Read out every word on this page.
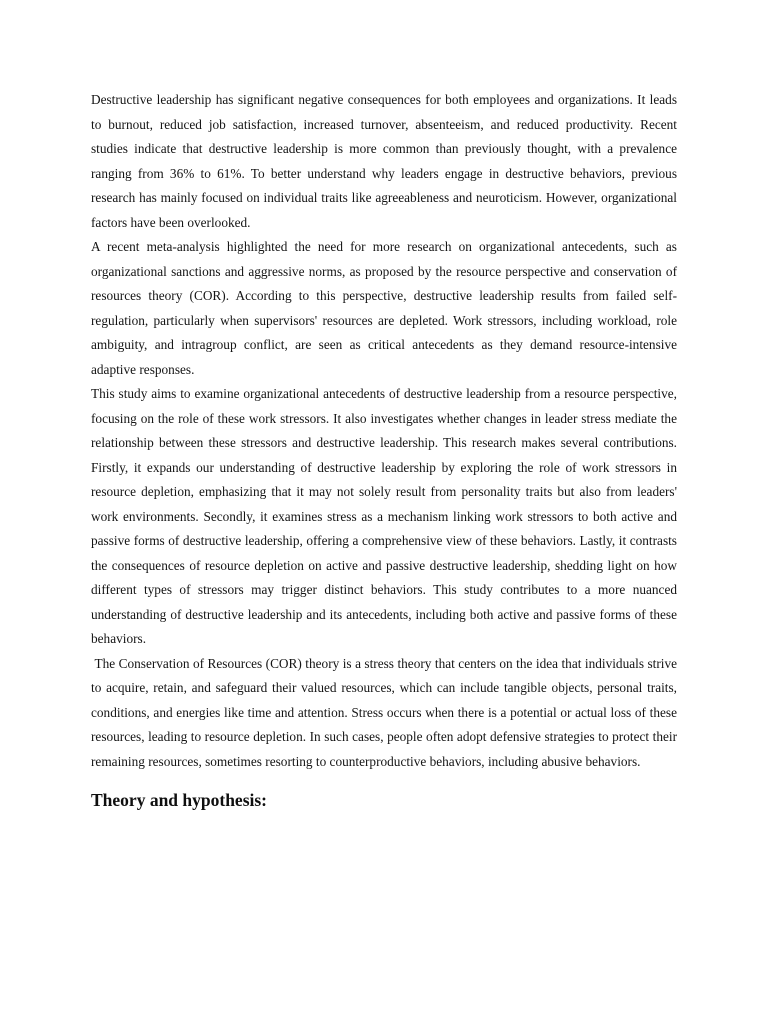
Destructive leadership has significant negative consequences for both employees and organizations. It leads to burnout, reduced job satisfaction, increased turnover, absenteeism, and reduced productivity. Recent studies indicate that destructive leadership is more common than previously thought, with a prevalence ranging from 36% to 61%. To better understand why leaders engage in destructive behaviors, previous research has mainly focused on individual traits like agreeableness and neuroticism. However, organizational factors have been overlooked.

A recent meta-analysis highlighted the need for more research on organizational antecedents, such as organizational sanctions and aggressive norms, as proposed by the resource perspective and conservation of resources theory (COR). According to this perspective, destructive leadership results from failed self-regulation, particularly when supervisors' resources are depleted. Work stressors, including workload, role ambiguity, and intragroup conflict, are seen as critical antecedents as they demand resource-intensive adaptive responses.

This study aims to examine organizational antecedents of destructive leadership from a resource perspective, focusing on the role of these work stressors. It also investigates whether changes in leader stress mediate the relationship between these stressors and destructive leadership. This research makes several contributions. Firstly, it expands our understanding of destructive leadership by exploring the role of work stressors in resource depletion, emphasizing that it may not solely result from personality traits but also from leaders' work environments. Secondly, it examines stress as a mechanism linking work stressors to both active and passive forms of destructive leadership, offering a comprehensive view of these behaviors. Lastly, it contrasts the consequences of resource depletion on active and passive destructive leadership, shedding light on how different types of stressors may trigger distinct behaviors. This study contributes to a more nuanced understanding of destructive leadership and its antecedents, including both active and passive forms of these behaviors.

The Conservation of Resources (COR) theory is a stress theory that centers on the idea that individuals strive to acquire, retain, and safeguard their valued resources, which can include tangible objects, personal traits, conditions, and energies like time and attention. Stress occurs when there is a potential or actual loss of these resources, leading to resource depletion. In such cases, people often adopt defensive strategies to protect their remaining resources, sometimes resorting to counterproductive behaviors, including abusive behaviors.

Theory and hypothesis:
